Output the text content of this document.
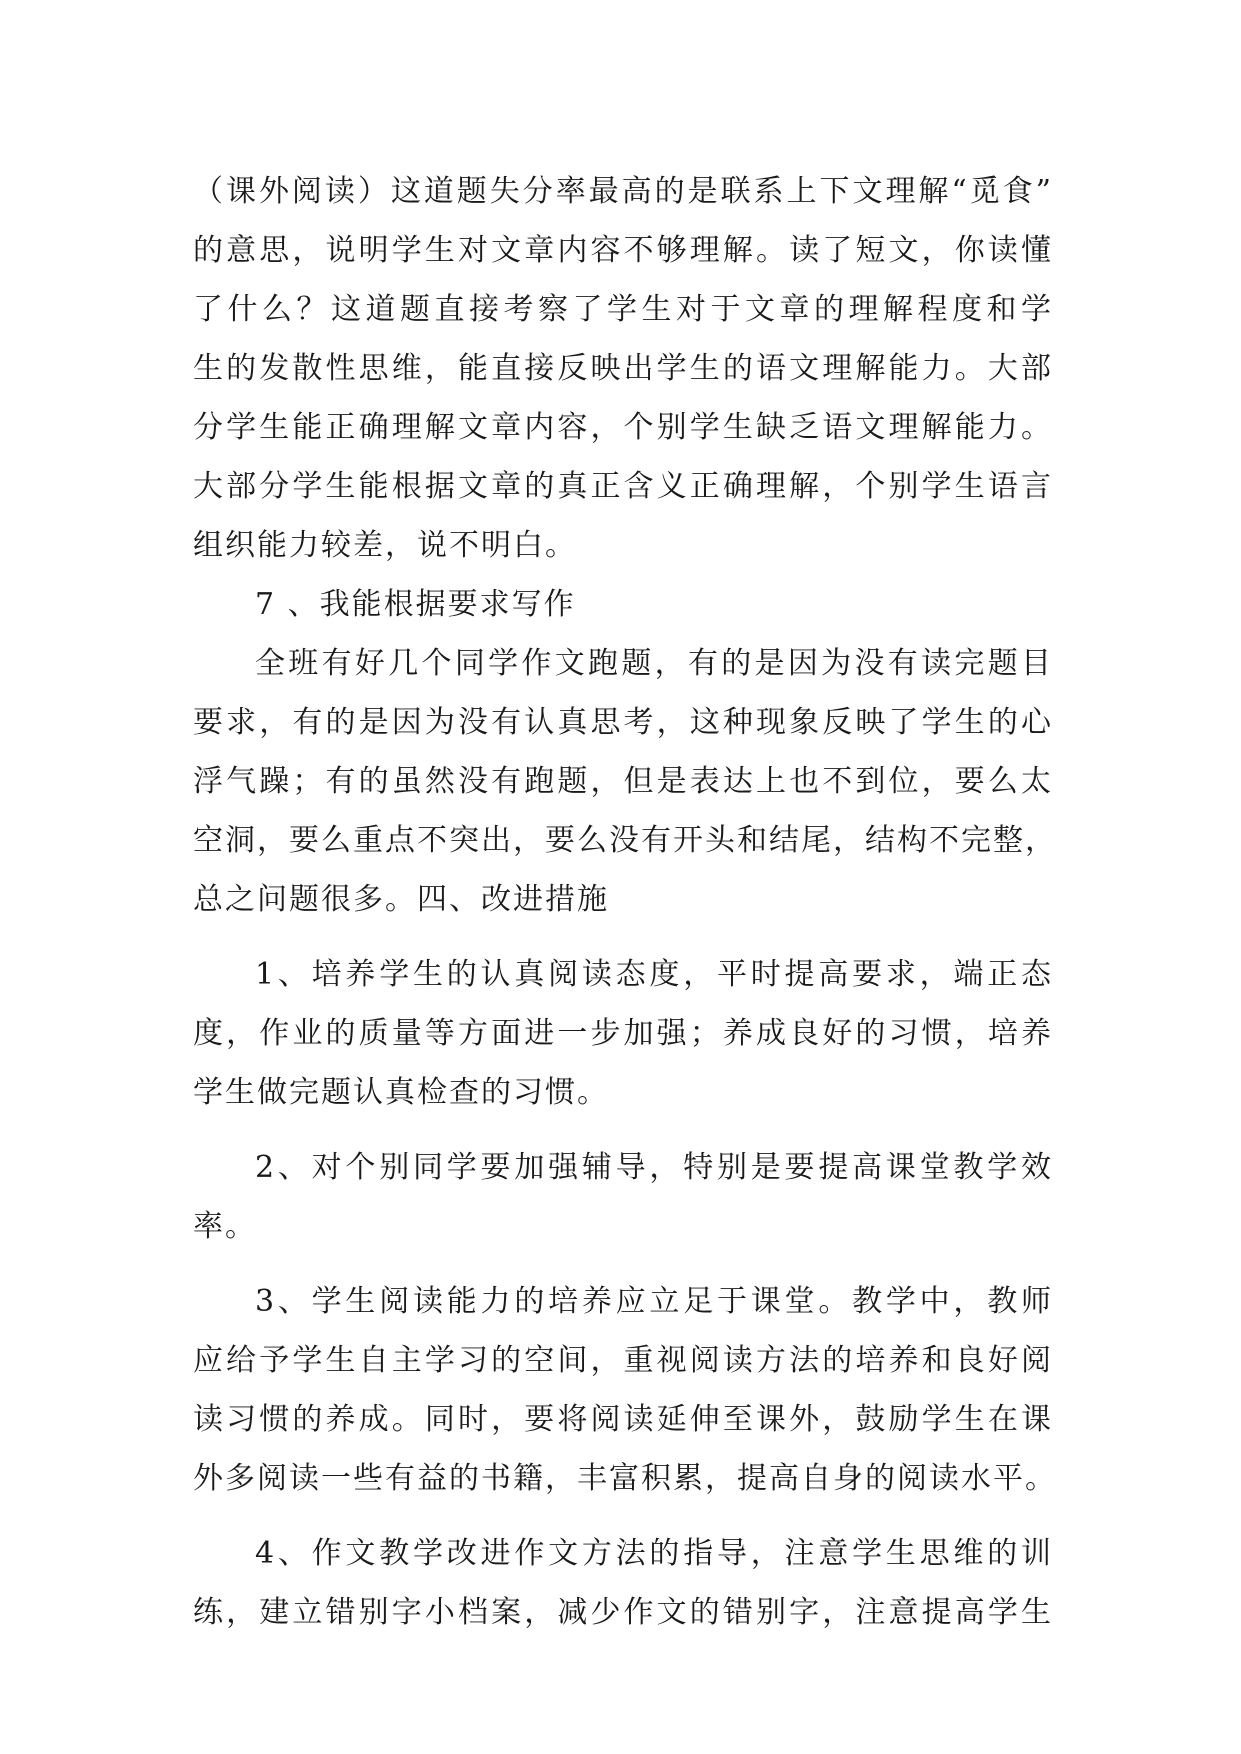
（课外阅读）这道题失分率最高的是联系上下文理解“觅食”
的意思，说明学生对文章内容不够理解。读了短文，你读懂
了什么？这道题直接考察了学生对于文章的理解程度和学
生的发散性思维，能直接反映出学生的语文理解能力。大部
分学生能正确理解文章内容，个别学生缺乏语文理解能力。
大部分学生能根据文章的真正含义正确理解，个别学生语言
组织能力较差，说不明白。
7 、我能根据要求写作
全班有好几个同学作文跑题，有的是因为没有读完题目
要求，有的是因为没有认真思考，这种现象反映了学生的心
浮气躁；有的虽然没有跑题，但是表达上也不到位，要么太
空洞，要么重点不突出，要么没有开头和结尾，结构不完整，
总之问题很多。四、改进措施
1、培养学生的认真阅读态度，平时提高要求，端正态
度，作业的质量等方面进一步加强；养成良好的习惯，培养
学生做完题认真检查的习惯。
2、对个别同学要加强辅导，特别是要提高课堂教学效
率。
3、学生阅读能力的培养应立足于课堂。教学中，教师
应给予学生自主学习的空间，重视阅读方法的培养和良好阅
读习惯的养成。同时，要将阅读延伸至课外，鼓励学生在课
外多阅读一些有益的书籍，丰富积累，提高自身的阅读水平。
4、作文教学改进作文方法的指导，注意学生思维的训
练，建立错别字小档案，减少作文的错别字，注意提高学生
